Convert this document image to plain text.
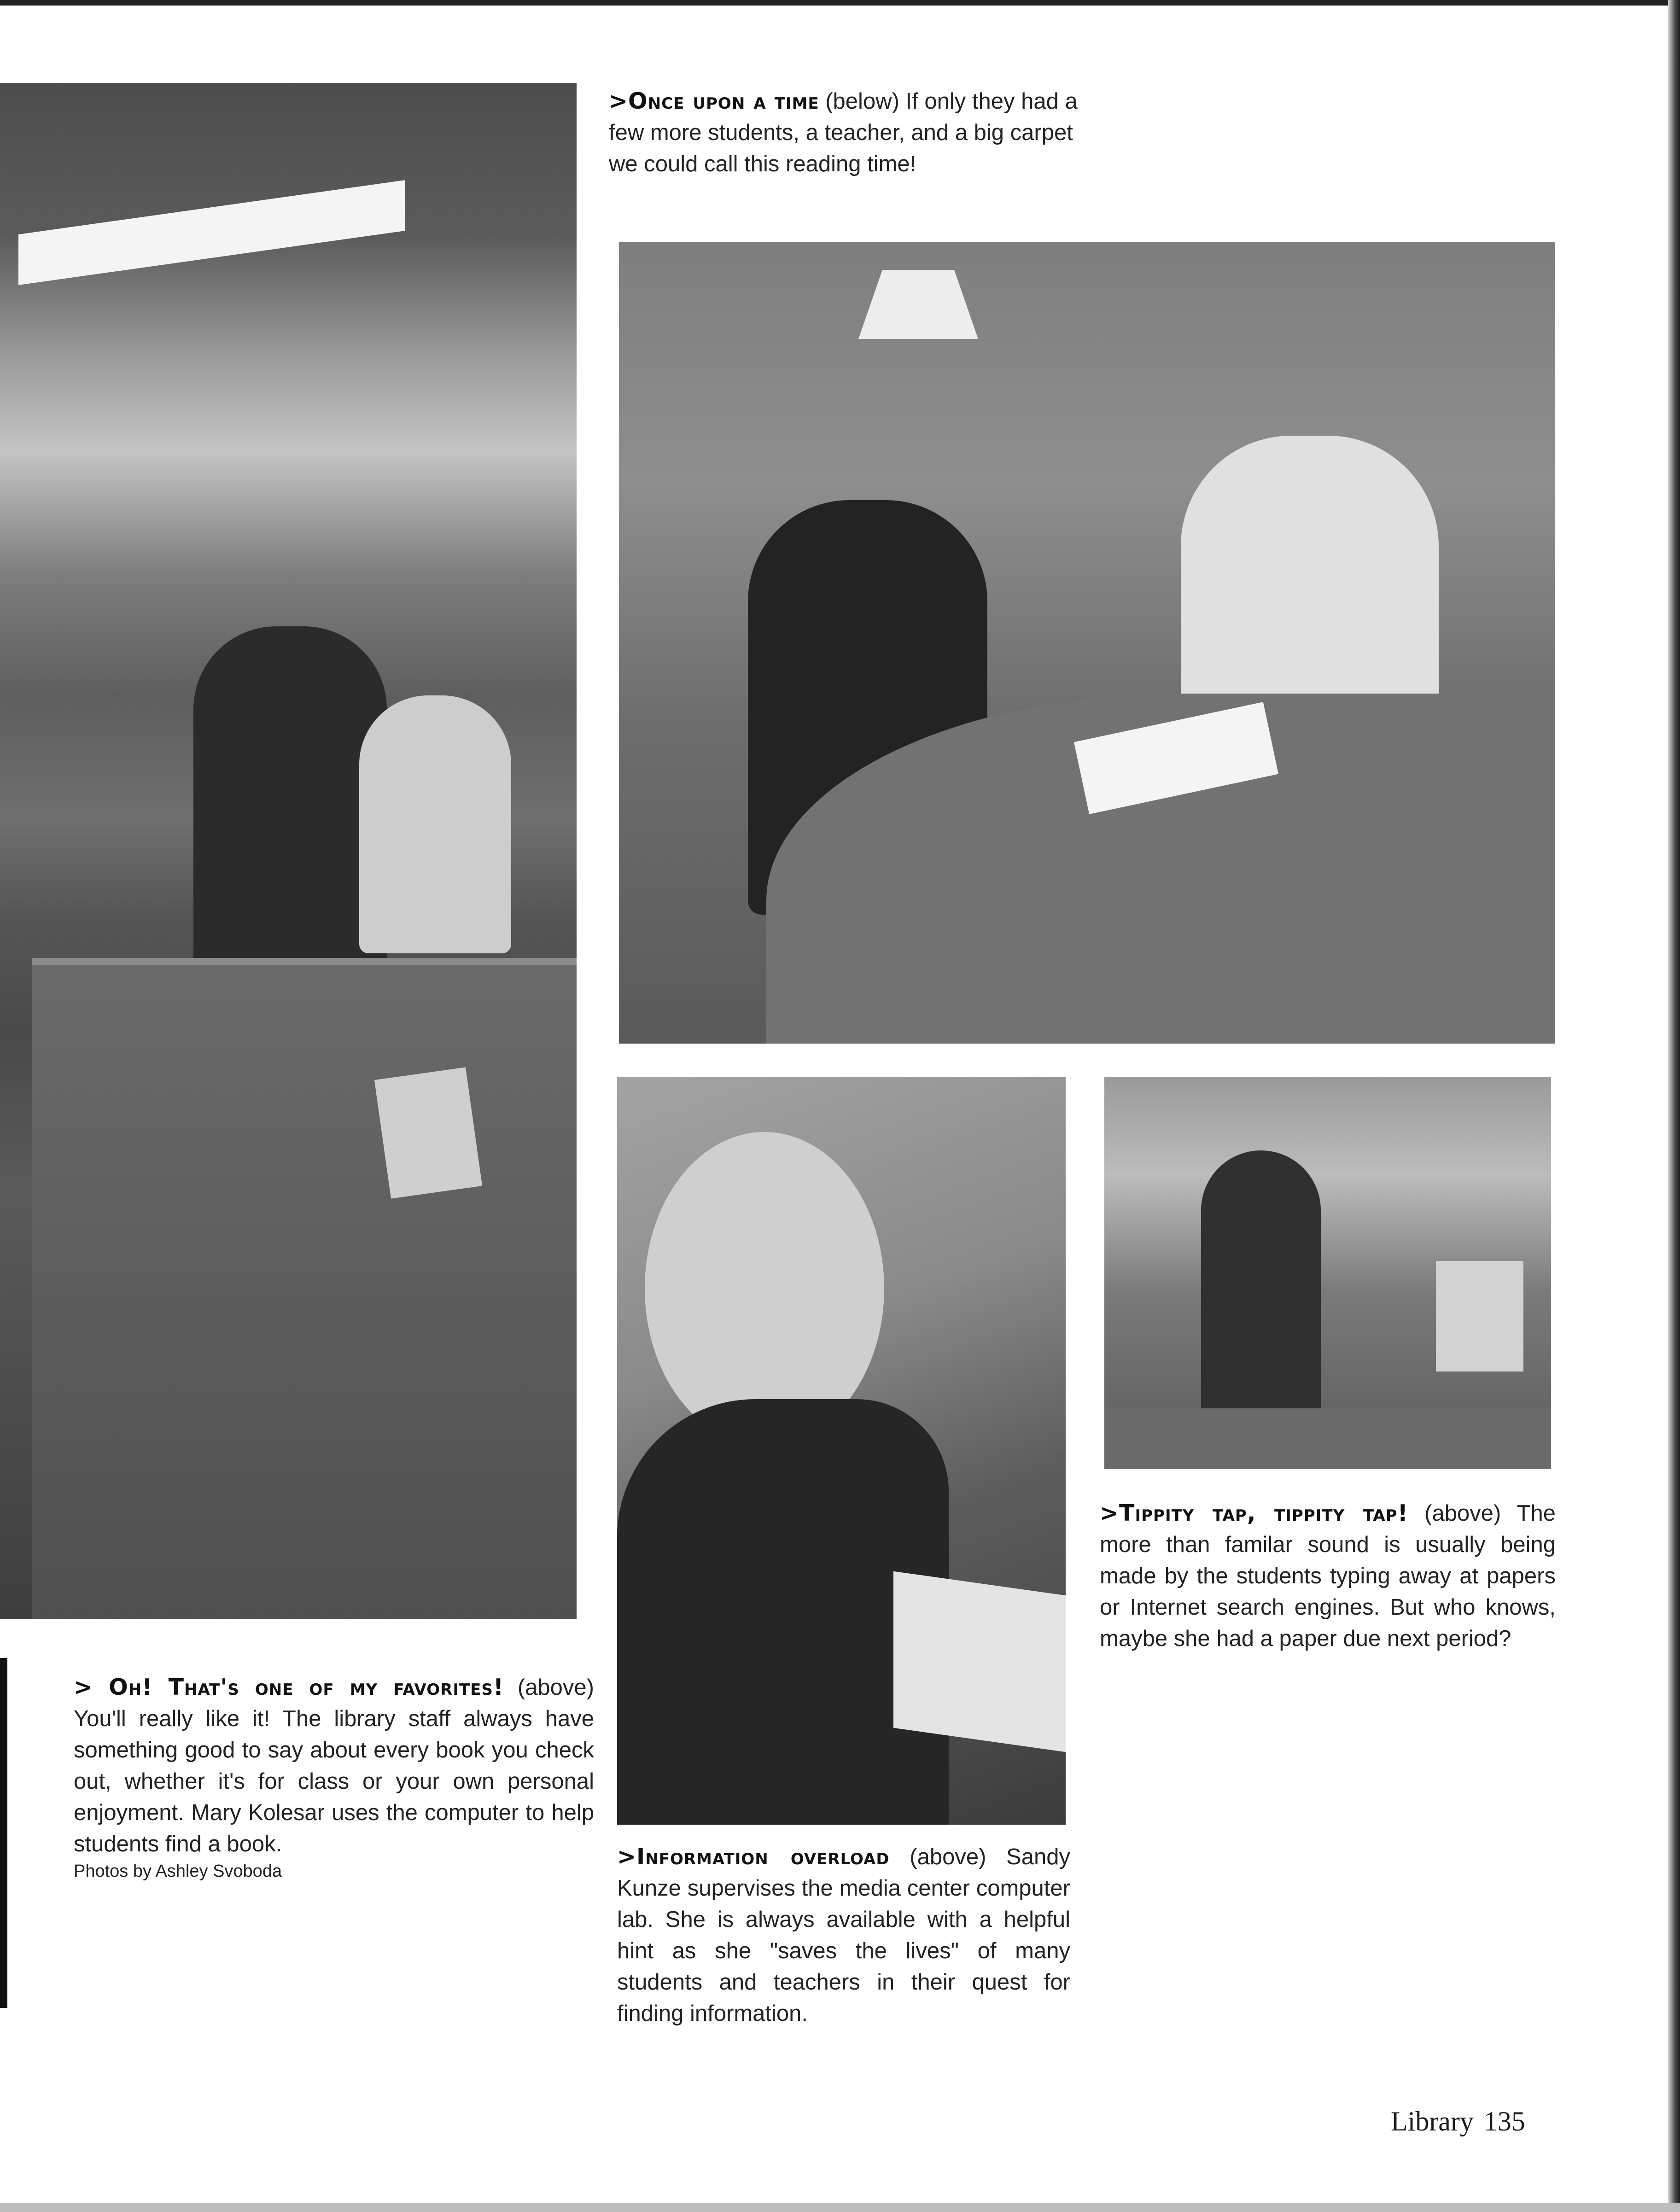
>Once upon a time (below) If only they had a few more students, a teacher, and a big carpet we could call this reading time!
>Tippity tap, tippity tap! (above) The more than familar sound is usually being made by the students typing away at papers or Internet search engines. But who knows, maybe she had a paper due next period?
> Oh! That's one of my favorites! (above) You'll really like it! The library staff always have something good to say about every book you check out, whether it's for class or your own personal enjoyment. Mary Kolesar uses the computer to help students find a book.
Photos by Ashley Svoboda
>Information overload (above) Sandy Kunze supervises the media center computer lab. She is always available with a helpful hint as she "saves the lives" of many students and teachers in their quest for finding information.
Library 135
